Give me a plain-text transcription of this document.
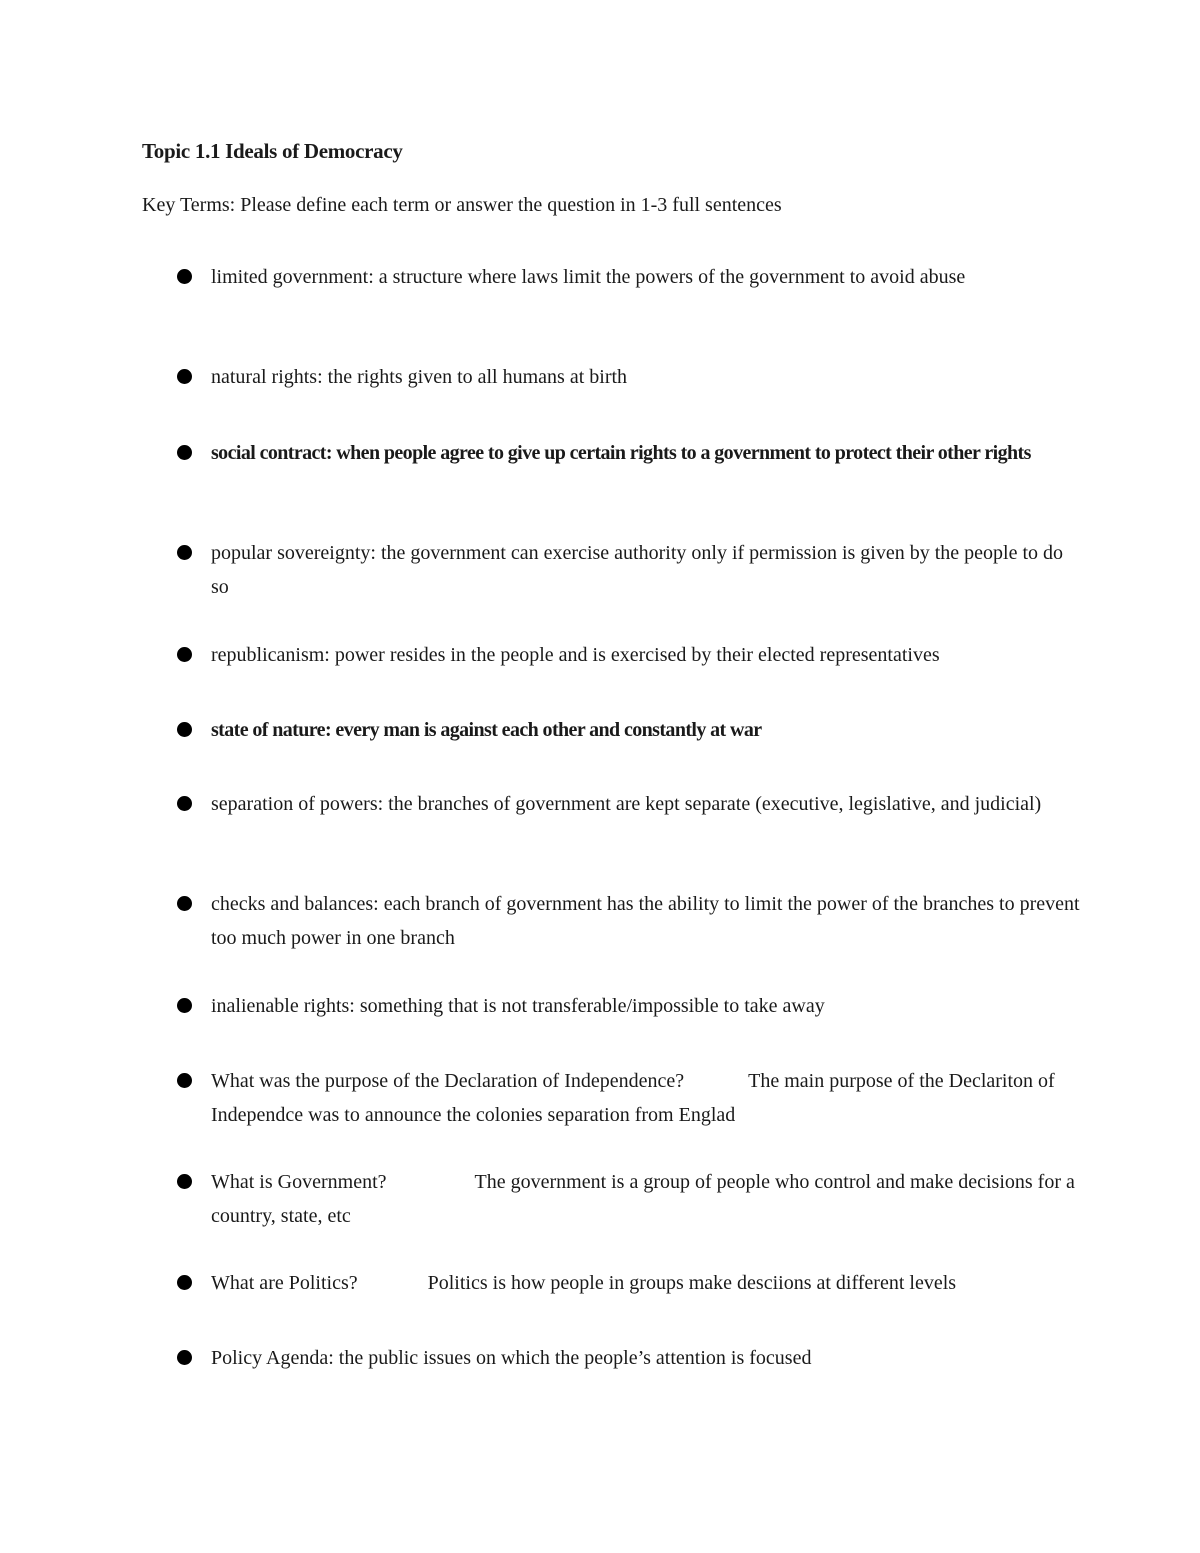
Topic 1.1 Ideals of Democracy
Key Terms: Please define each term or answer the question in 1-3 full sentences
limited government: a structure where laws limit the powers of the government to avoid abuse
natural rights: the rights given to all humans at birth
social contract: when people agree to give up certain rights to a government to protect their other rights
popular sovereignty: the government can exercise authority only if permission is given by the people to do so
republicanism: power resides in the people and is exercised by their elected representatives
state of nature: every man is against each other and constantly at war
separation of powers: the branches of government are kept separate (executive, legislative, and judicial)
checks and balances: each branch of government has the ability to limit the power of the branches to prevent too much power in one branch
inalienable rights: something that is not transferable/impossible to take away
What was the purpose of the Declaration of Independence?	The main purpose of the Declariton of Independce was to announce the colonies separation from Englad
What is Government?	The government is a group of people who control and make decisions for a country, state, etc
What are Politics?	Politics is how people in groups make desciions at different levels
Policy Agenda: the public issues on which the people’s attention is focused
